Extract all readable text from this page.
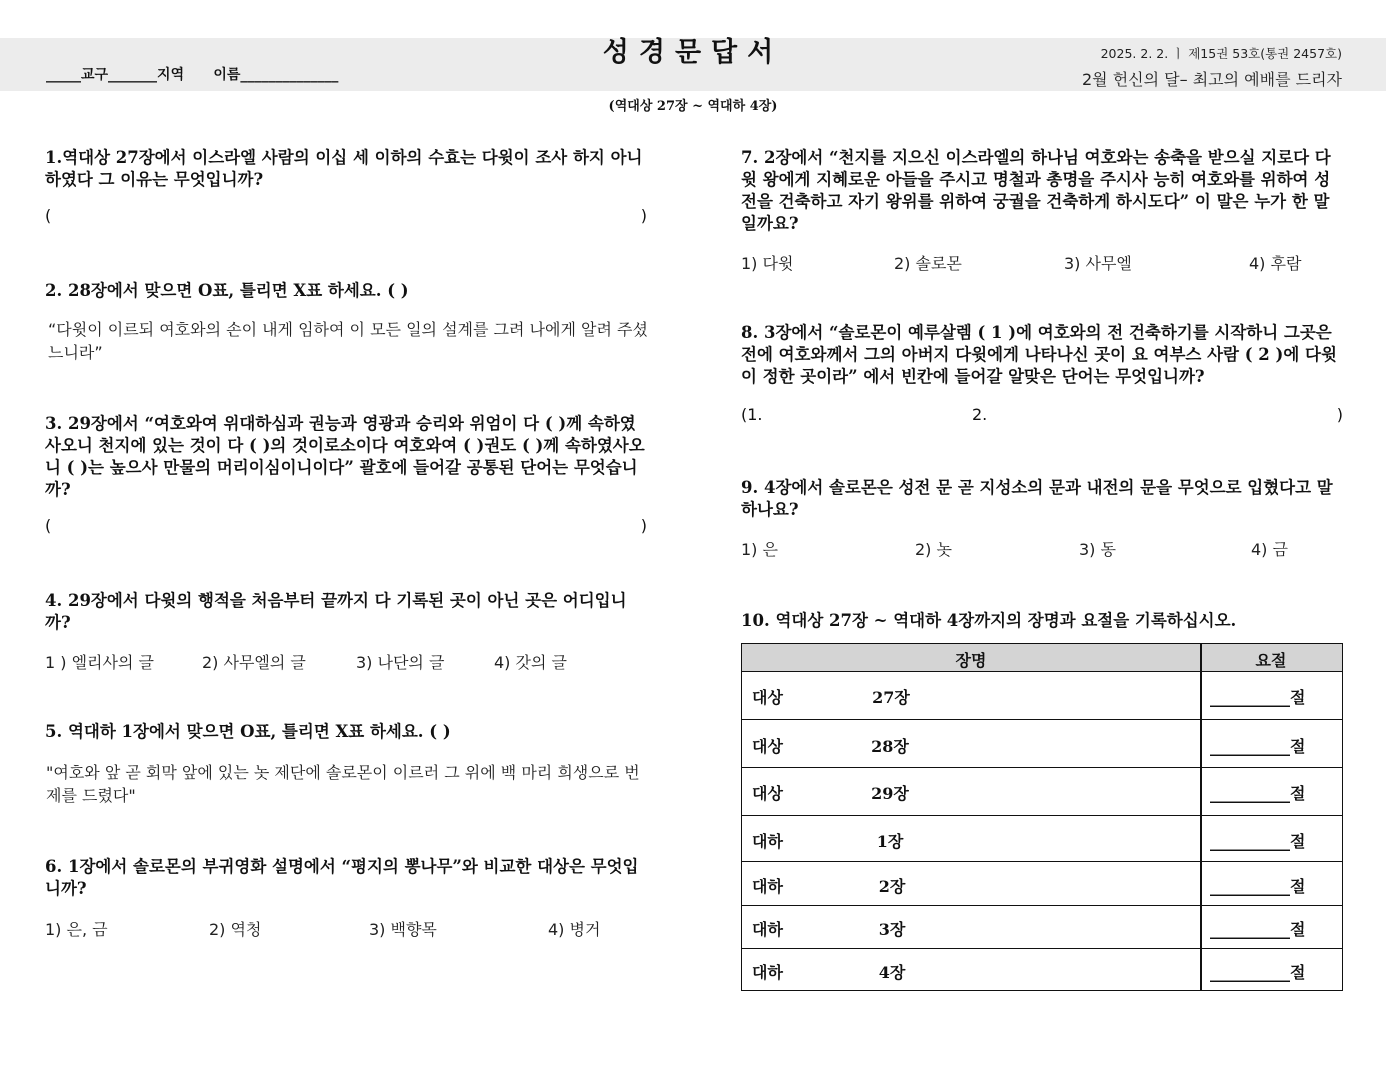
성경문답서
_____교구_______지역      이름______________
2025. 2. 2. ㅣ 제15권 53호(통권 2457호)
2월 헌신의 달– 최고의 예배를 드리자
(역대상 27장 ~ 역대하 4장)
1.역대상 27장에서 이스라엘 사람의 이십 세 이하의 수효는 다윗이 조사 하지 아니하였다 그 이유는 무엇입니까?
(	)
2. 28장에서 맞으면 O표, 틀리면 X표 하세요. ( )
“다윗이 이르되 여호와의 손이 내게 임하여 이 모든 일의 설계를 그려 나에게 알려 주셨느니라”
3. 29장에서 “여호와여 위대하심과 권능과 영광과 승리와 위엄이 다 ( )께 속하였사오니 천지에 있는 것이 다 ( )의 것이로소이다 여호와여 ( )권도 ( )께 속하였사오니 ( )는 높으사 만물의 머리이심이니이다” 괄호에 들어갈 공통된 단어는 무엇습니까?
(	)
4. 29장에서 다윗의 행적을 처음부터 끝까지 다 기록된 곳이 아닌 곳은 어디입니까?
1 ) 엘리사의 글	2) 사무엘의 글	3) 나단의 글	4) 갓의 글
5. 역대하 1장에서 맞으면 O표, 틀리면 X표 하세요. ( )
"여호와 앞 곧 회막 앞에 있는 놋 제단에 솔로몬이 이르러 그 위에 백 마리 희생으로 번제를 드렸다"
6. 1장에서 솔로몬의 부귀영화 설명에서 “평지의 뽕나무”와 비교한 대상은 무엇입니까?
1) 은, 금	2) 역청	3) 백향목	4) 병거
7. 2장에서 “천지를 지으신 이스라엘의 하나님 여호와는 송축을 받으실 지로다 다윗 왕에게 지혜로운 아들을 주시고 명철과 총명을 주시사 능히 여호와를 위하여 성전을 건축하고 자기 왕위를 위하여 궁궐을 건축하게 하시도다” 이 말은 누가 한 말일까요?
1) 다윗	2) 솔로몬	3) 사무엘	4) 후람
8. 3장에서 “솔로몬이 예루살렘 ( 1 )에 여호와의 전 건축하기를 시작하니 그곳은 전에 여호와께서 그의 아버지 다윗에게 나타나신 곳이 요 여부스 사람 ( 2 )에 다윗이 정한 곳이라” 에서 빈칸에 들어갈 알맞은 단어는 무엇입니까?
(1.	2.	)
9. 4장에서 솔로몬은 성전 문 곧 지성소의 문과 내전의 문을 무엇으로 입혔다고 말하나요?
1) 은	2) 놋	3) 동	4) 금
10. 역대상 27장 ~ 역대하 4장까지의 장명과 요절을 기록하십시오.
장명	요절
대상	27장	__________절
대상	28장	__________절
대상	29장	__________절
대하	1장	__________절
대하	2장	__________절
대하	3장	__________절
대하	4장	__________절
